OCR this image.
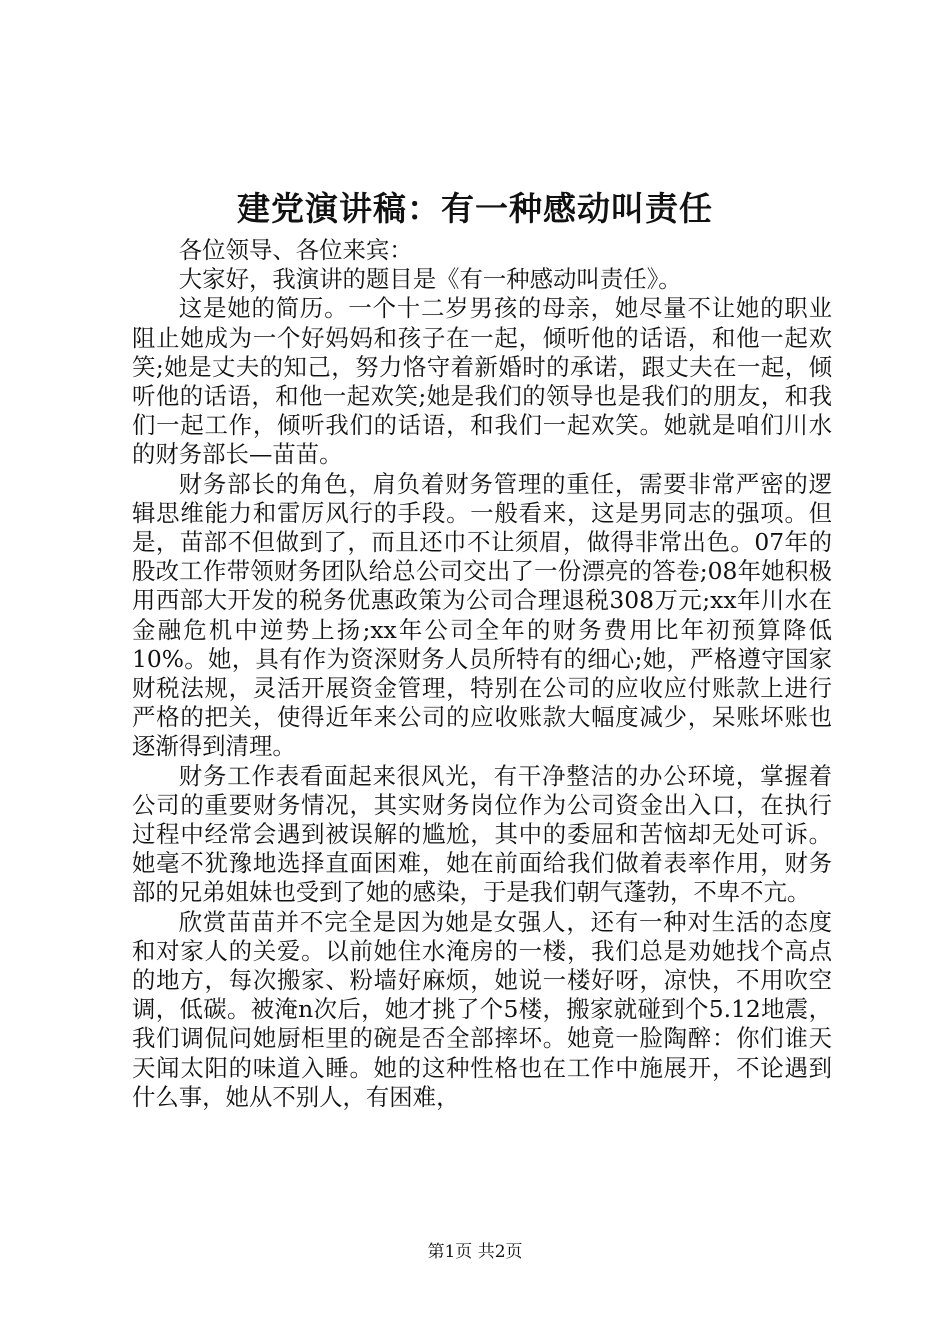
建党演讲稿：有一种感动叫责任

各位领导、各位来宾：

大家好，我演讲的题目是《有一种感动叫责任》。

这是她的简历。一个十二岁男孩的母亲，她尽量不让她的职业阻止她成为一个好妈妈和孩子在一起，倾听他的话语，和他一起欢笑;她是丈夫的知己，努力恪守着新婚时的承诺，跟丈夫在一起，倾听他的话语，和他一起欢笑;她是我们的领导也是我们的朋友，和我们一起工作，倾听我们的话语，和我们一起欢笑。她就是咱们川水的财务部长—苗苗。

财务部长的角色，肩负着财务管理的重任，需要非常严密的逻辑思维能力和雷厉风行的手段。一般看来，这是男同志的强项。但是，苗部不但做到了，而且还巾不让须眉，做得非常出色。07年的股改工作带领财务团队给总公司交出了一份漂亮的答卷;08年她积极用西部大开发的税务优惠政策为公司合理退税308万元;xx年川水在金融危机中逆势上扬;xx年公司全年的财务费用比年初预算降低10%。她，具有作为资深财务人员所特有的细心;她，严格遵守国家财税法规，灵活开展资金管理，特别在公司的应收应付账款上进行严格的把关，使得近年来公司的应收账款大幅度减少，呆账坏账也逐渐得到清理。

财务工作表看面起来很风光，有干净整洁的办公环境，掌握着公司的重要财务情况，其实财务岗位作为公司资金出入口，在执行过程中经常会遇到被误解的尴尬，其中的委屈和苦恼却无处可诉。她毫不犹豫地选择直面困难，她在前面给我们做着表率作用，财务部的兄弟姐妹也受到了她的感染，于是我们朝气蓬勃，不卑不亢。

欣赏苗苗并不完全是因为她是女强人，还有一种对生活的态度和对家人的关爱。以前她住水淹房的一楼，我们总是劝她找个高点的地方，每次搬家、粉墙好麻烦，她说一楼好呀，凉快，不用吹空调，低碳。被淹n次后，她才挑了个5楼，搬家就碰到个5.12地震，我们调侃问她厨柜里的碗是否全部摔坏。她竟一脸陶醉：你们谁天天闻太阳的味道入睡。她的这种性格也在工作中施展开，不论遇到什么事，她从不别人，有困难，

第1页 共2页
